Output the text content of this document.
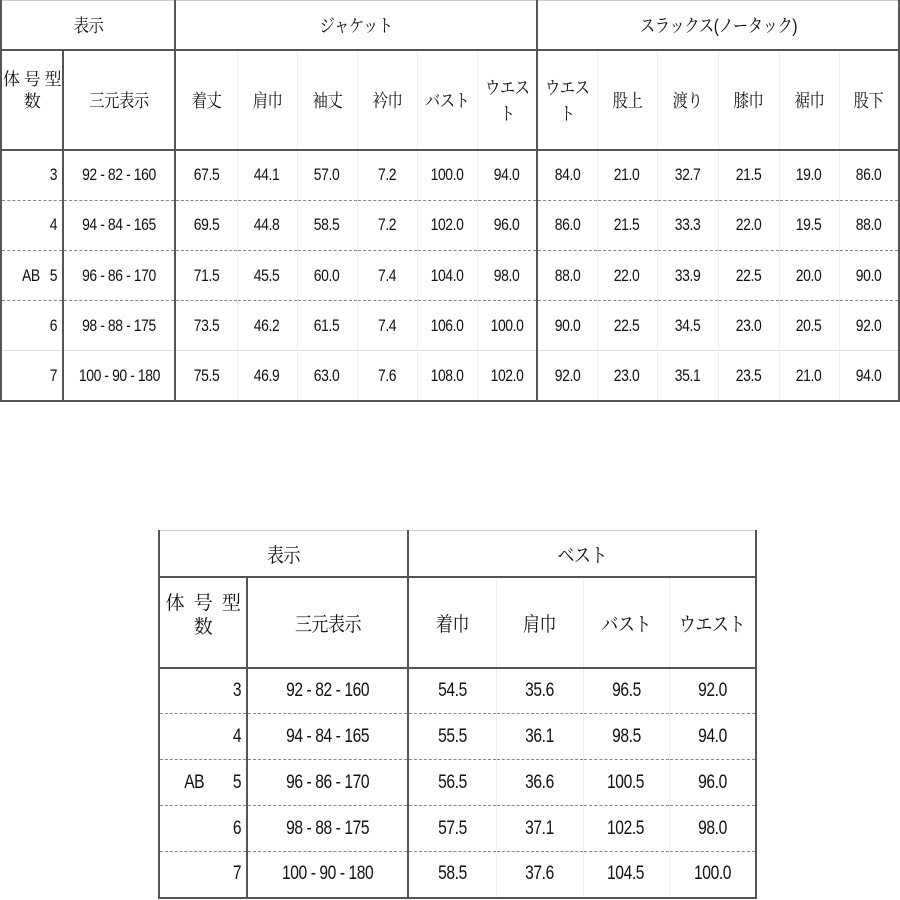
表示		ジャケット						スラックス(ノータック)					
体 号 型
数	三元表示	着丈	肩巾	袖丈	衿巾	バスト	ウエスト	ウエスト	股上	渡り	膝巾	裾巾	股下
3	92 - 82 - 160	67.5	44.1	57.0	7.2	100.0	94.0	84.0	21.0	32.7	21.5	19.0	86.0
4	94 - 84 - 165	69.5	44.8	58.5	7.2	102.0	96.0	86.0	21.5	33.3	22.0	19.5	88.0

AB 5	96 - 86 - 170	71.5	45.5	60.0	7.4	104.0	98.0	88.0	22.0	33.9	22.5	20.0	90.0
6	98 - 88 - 175	73.5	46.2	61.5	7.4	106.0	100.0	90.0	22.5	34.5	23.0	20.5	92.0
7	100 - 90 - 180	75.5	46.9	63.0	7.6	108.0	102.0	92.0	23.0	35.1	23.5	21.0	94.0
表示		ベスト			
体 号 型
数	三元表示	着巾	肩巾	バスト	ウエスト
3	92 - 82 - 160	54.5	35.6	96.5	92.0
4	94 - 84 - 165	55.5	36.1	98.5	94.0

AB 5	96 - 86 - 170	56.5	36.6	100.5	96.0
6	98 - 88 - 175	57.5	37.1	102.5	98.0
7	100 - 90 - 180	58.5	37.6	104.5	100.0
